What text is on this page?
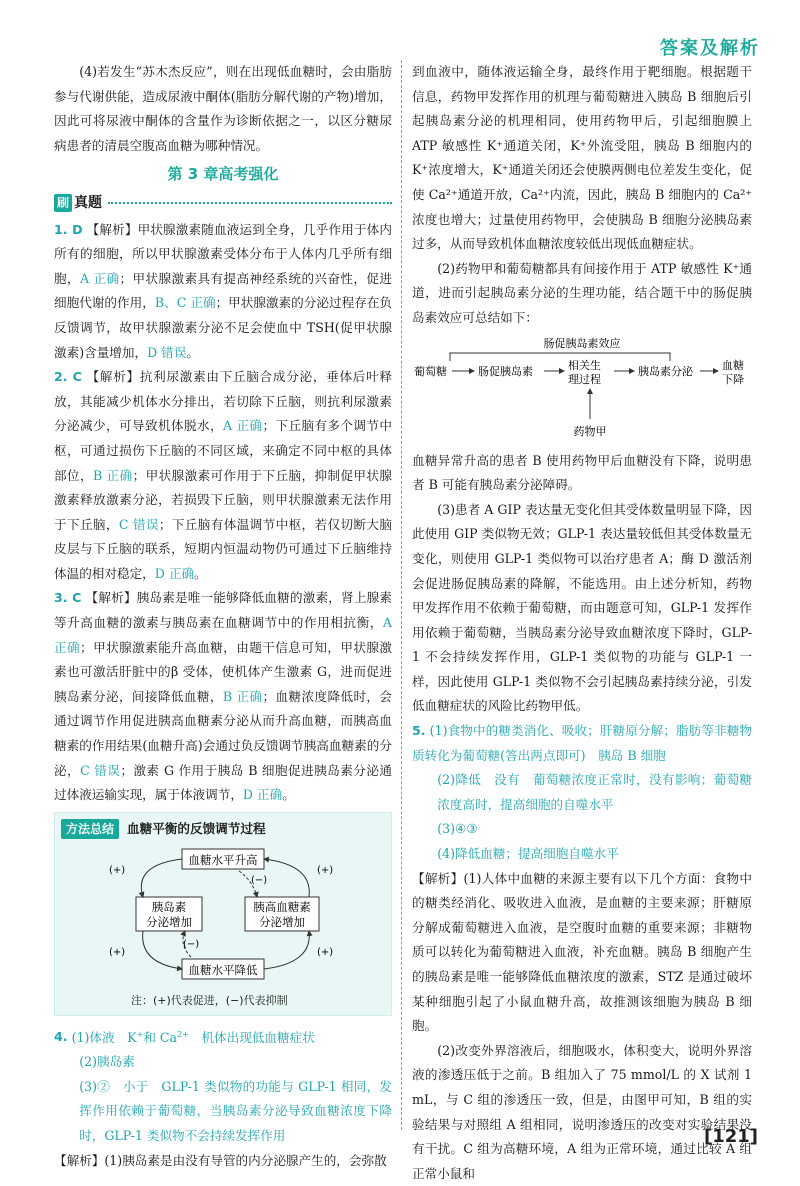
答案及解析

(4)若发生“苏木杰反应”，则在出现低血糖时，会由脂肪参与代谢供能，造成尿液中酮体(脂肪分解代谢的产物)增加，因此可将尿液中酮体的含量作为诊断依据之一，以区分糖尿病患者的清晨空腹高血糖为哪种情况。

第 3 章高考强化
刷 真题

1. D 【解析】甲状腺激素随血液运到全身，几乎作用于体内所有的细胞，所以甲状腺激素受体分布于人体内几乎所有细胞，A 正确；甲状腺激素具有提高神经系统的兴奋性，促进细胞代谢的作用，B、C 正确；甲状腺激素的分泌过程存在负反馈调节，故甲状腺激素分泌不足会使血中 TSH(促甲状腺激素)含量增加，D 错误。

2. C 【解析】抗利尿激素由下丘脑合成分泌，垂体后叶释放，其能减少机体水分排出，若切除下丘脑，则抗利尿激素分泌减少，可导致机体脱水，A 正确；下丘脑有多个调节中枢，可通过损伤下丘脑的不同区域，来确定不同中枢的具体部位，B 正确；甲状腺激素可作用于下丘脑，抑制促甲状腺激素释放激素分泌，若损毁下丘脑，则甲状腺激素无法作用于下丘脑，C 错误；下丘脑有体温调节中枢，若仅切断大脑皮层与下丘脑的联系，短期内恒温动物仍可通过下丘脑维持体温的相对稳定，D 正确。

3. C 【解析】胰岛素是唯一能够降低血糖的激素，肾上腺素等升高血糖的激素与胰岛素在血糖调节中的作用相抗衡，A 正确；甲状腺激素能升高血糖，由题干信息可知，甲状腺激素也可激活肝脏中的β 受体，使机体产生激素 G，进而促进胰岛素分泌，间接降低血糖，B 正确；血糖浓度降低时，会通过调节作用促进胰高血糖素分泌从而升高血糖，而胰高血糖素的作用结果(血糖升高)会通过负反馈调节胰高血糖素的分泌，C 错误；激素 G 作用于胰岛 B 细胞促进胰岛素分泌通过体液运输实现，属于体液调节，D 正确。

方法总结	血糖平衡的反馈调节过程
血糖水平升高
胰岛素
分泌增加
胰高血糖素
分泌增加
血糖水平降低
(+)
(+)
(+)
(+)
(−)
(−)
注：(+)代表促进，(−)代表抑制

4. (1)体液　K+和 $Ca^{2+}$　机体出现低血糖症状

(2)胰岛素

(3)②　小于　GLP-1 类似物的功能与 GLP-1 相同，发挥作用依赖于葡萄糖，当胰岛素分泌导致血糖浓度下降时，GLP-1 类似物不会持续发挥作用

【解析】(1)胰岛素是由没有导管的内分泌腺产生的，会弥散

到血液中，随体液运输全身，最终作用于靶细胞。根据题干信息，药物甲发挥作用的机理与葡萄糖进入胰岛 B 细胞后引起胰岛素分泌的机理相同，使用药物甲后，引起细胞膜上 ATP 敏感性 K⁺通道关闭，K⁺外流受阻，胰岛 B 细胞内的 K⁺浓度增大，K⁺通道关闭还会使膜两侧电位差发生变化，促使 Ca²⁺通道开放，Ca²⁺内流，因此，胰岛 B 细胞内的 Ca²⁺浓度也增大；过量使用药物甲，会使胰岛 B 细胞分泌胰岛素过多，从而导致机体血糖浓度较低出现低血糖症状。

(2)药物甲和葡萄糖都具有间接作用于 ATP 敏感性 K⁺通道，进而引起胰岛素分泌的生理功能，结合题干中的肠促胰岛素效应可总结如下：

肠促胰岛素效应
葡萄糖	肠促胰岛素	相关生
理过程
胰岛素分泌	血糖
下降
药物甲

血糖异常升高的患者 B 使用药物甲后血糖没有下降，说明患者 B 可能有胰岛素分泌障碍。

(3)患者 A GIP 表达量无变化但其受体数量明显下降，因此使用 GIP 类似物无效；GLP-1 表达量较低但其受体数量无变化，则使用 GLP-1 类似物可以治疗患者 A；酶 D 激活剂会促进肠促胰岛素的降解，不能选用。由上述分析知，药物甲发挥作用不依赖于葡萄糖，而由题意可知，GLP-1 发挥作用依赖于葡萄糖，当胰岛素分泌导致血糖浓度下降时，GLP-1 不会持续发挥作用，GLP-1 类似物的功能与 GLP-1 一样，因此使用 GLP-1 类似物不会引起胰岛素持续分泌，引发低血糖症状的风险比药物甲低。

5. (1)食物中的糖类消化、吸收；肝糖原分解；脂肪等非糖物质转化为葡萄糖(答出两点即可)　胰岛 B 细胞

(2)降低　没有　葡萄糖浓度正常时，没有影响；葡萄糖浓度高时，提高细胞的自噬水平

(3)④③

(4)降低血糖；提高细胞自噬水平

【解析】(1)人体中血糖的来源主要有以下几个方面：食物中的糖类经消化、吸收进入血液，是血糖的主要来源；肝糖原分解成葡萄糖进入血液，是空腹时血糖的重要来源；非糖物质可以转化为葡萄糖进入血液，补充血糖。胰岛 B 细胞产生的胰岛素是唯一能够降低血糖浓度的激素，STZ 是通过破坏某种细胞引起了小鼠血糖升高，故推测该细胞为胰岛 B 细胞。

(2)改变外界溶液后，细胞吸水，体积变大，说明外界溶液的渗透压低于之前。B 组加入了 75 mmol/L 的 X 试剂 1 mL，与 C 组的渗透压一致，但是，由图甲可知，B 组的实验结果与对照组 A 组相同，说明渗透压的改变对实验结果没有干扰。C 组为高糖环境，A 组为正常环境，通过比较 A 组正常小鼠和

[121]
